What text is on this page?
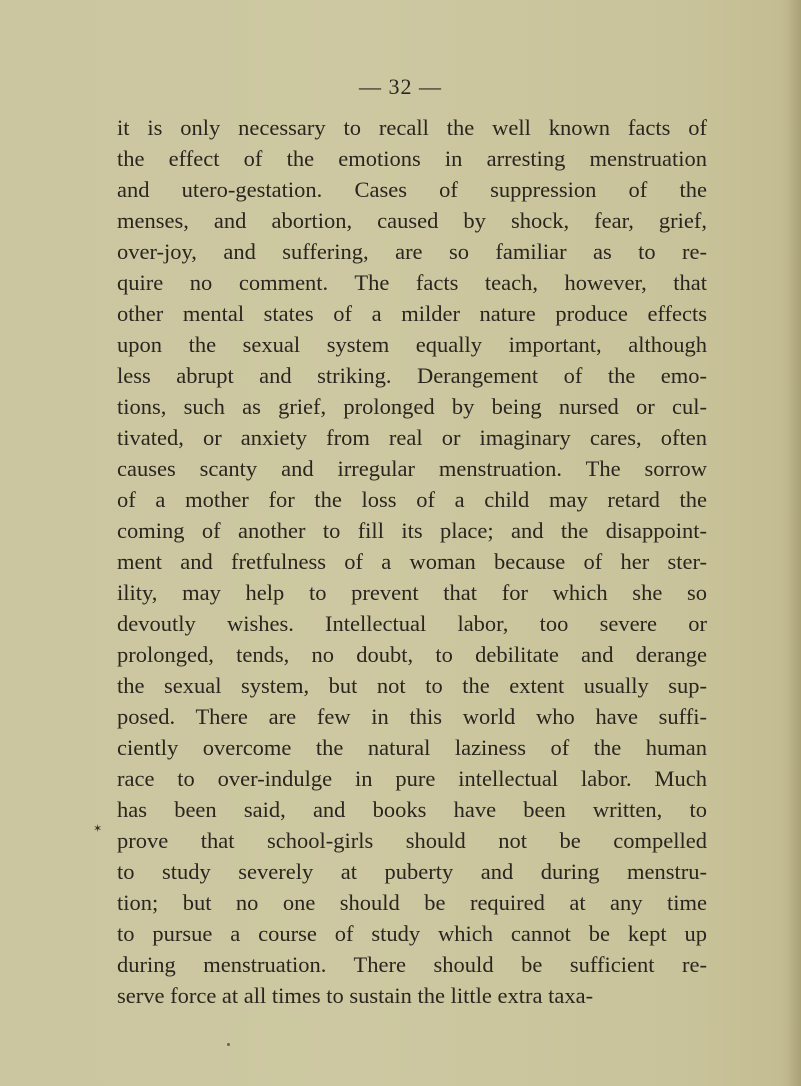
— 32 —
it is only necessary to recall the well known facts of
the effect of the emotions in arresting menstruation
and utero-gestation. Cases of suppression of the
menses, and abortion, caused by shock, fear, grief,
over-joy, and suffering, are so familiar as to re-
quire no comment. The facts teach, however, that
other mental states of a milder nature produce effects
upon the sexual system equally important, although
less abrupt and striking. Derangement of the emo-
tions, such as grief, prolonged by being nursed or cul-
tivated, or anxiety from real or imaginary cares, often
causes scanty and irregular menstruation. The sorrow
of a mother for the loss of a child may retard the
coming of another to fill its place; and the disappoint-
ment and fretfulness of a woman because of her ster-
ility, may help to prevent that for which she so
devoutly wishes. Intellectual labor, too severe or
prolonged, tends, no doubt, to debilitate and derange
the sexual system, but not to the extent usually sup-
posed. There are few in this world who have suffi-
ciently overcome the natural laziness of the human
race to over-indulge in pure intellectual labor. Much
has been said, and books have been written, to
prove that school-girls should not be compelled
to study severely at puberty and during menstru-
tion; but no one should be required at any time
to pursue a course of study which cannot be kept up
during menstruation. There should be sufficient re-
serve force at all times to sustain the little extra taxa-
✶
